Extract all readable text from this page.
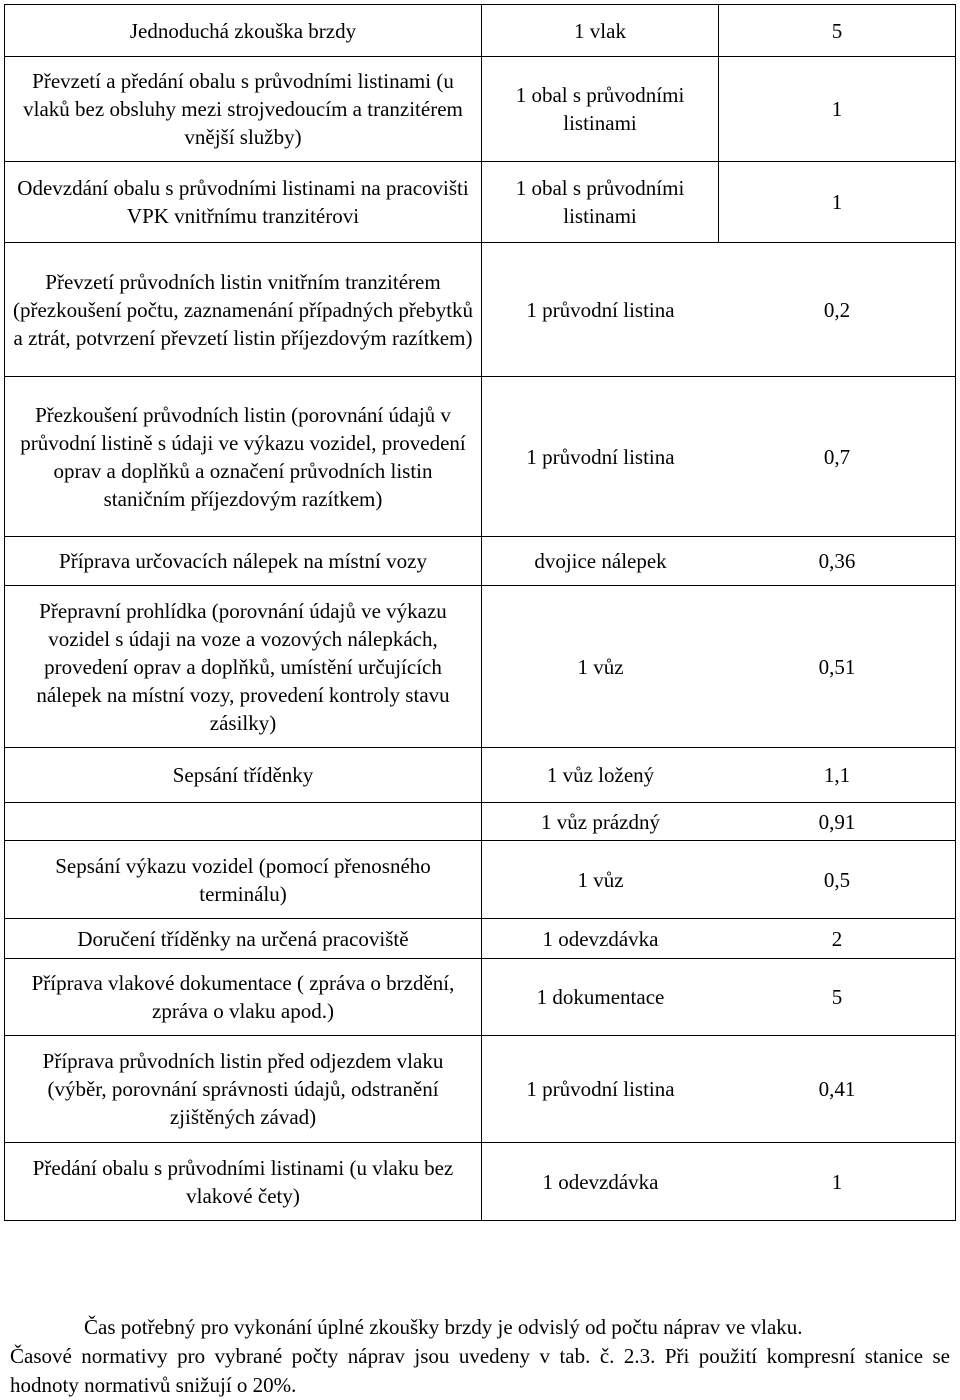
Jednoduchá zkouška brzdy	1 vlak	5
Převzetí a předání obalu s průvodními listinami (u vlaků bez obsluhy mezi strojvedoucím a tranzitérem vnější služby)	1 obal s průvodními listinami	1
Odevzdání obalu s průvodními listinami na pracovišti VPK vnitřnímu tranzitérovi	1 obal s průvodními listinami	1
Převzetí průvodních listin vnitřním tranzitérem (přezkoušení počtu, zaznamenání případných přebytků a ztrát, potvrzení převzetí listin příjezdovým razítkem)	1 průvodní listina 0,2	

Přezkoušení průvodních listin (porovnání údajů v průvodní listině s údaji ve výkazu vozidel, provedení oprav a doplňků a označení průvodních listin staničním příjezdovým razítkem)	1 průvodní listina 0,7	

Příprava určovacích nálepek na místní vozy	dvojice nálepek 0,36	

Přepravní prohlídka (porovnání údajů ve výkazu vozidel s údaji na voze a vozových nálepkách, provedení oprav a doplňků, umístění určujících nálepek na místní vozy, provedení kontroly stavu zásilky)	1 vůz 0,51	

Sepsání tříděnky	1 vůz ložený 1,1	

	1 vůz prázdný 0,91	

Sepsání výkazu vozidel (pomocí přenosného terminálu)	1 vůz 0,5	

Doručení tříděnky na určená pracoviště	1 odevzdávka 2	

Příprava vlakové dokumentace ( zpráva o brzdění, zpráva o vlaku apod.)	1 dokumentace 5	

Příprava průvodních listin před odjezdem vlaku (výběr, porovnání správnosti údajů, odstranění zjištěných závad)	1 průvodní listina 0,41	

Předání obalu s průvodními listinami (u vlaku bez vlakové čety)	1 odevzdávka 1	

Čas potřebný pro vykonání úplné zkoušky brzdy je odvislý od počtu náprav ve vlaku.

Časové normativy pro vybrané počty náprav jsou uvedeny v tab. č. 2.3. Při použití kompresní stanice se hodnoty normativů snižují o 20%.
